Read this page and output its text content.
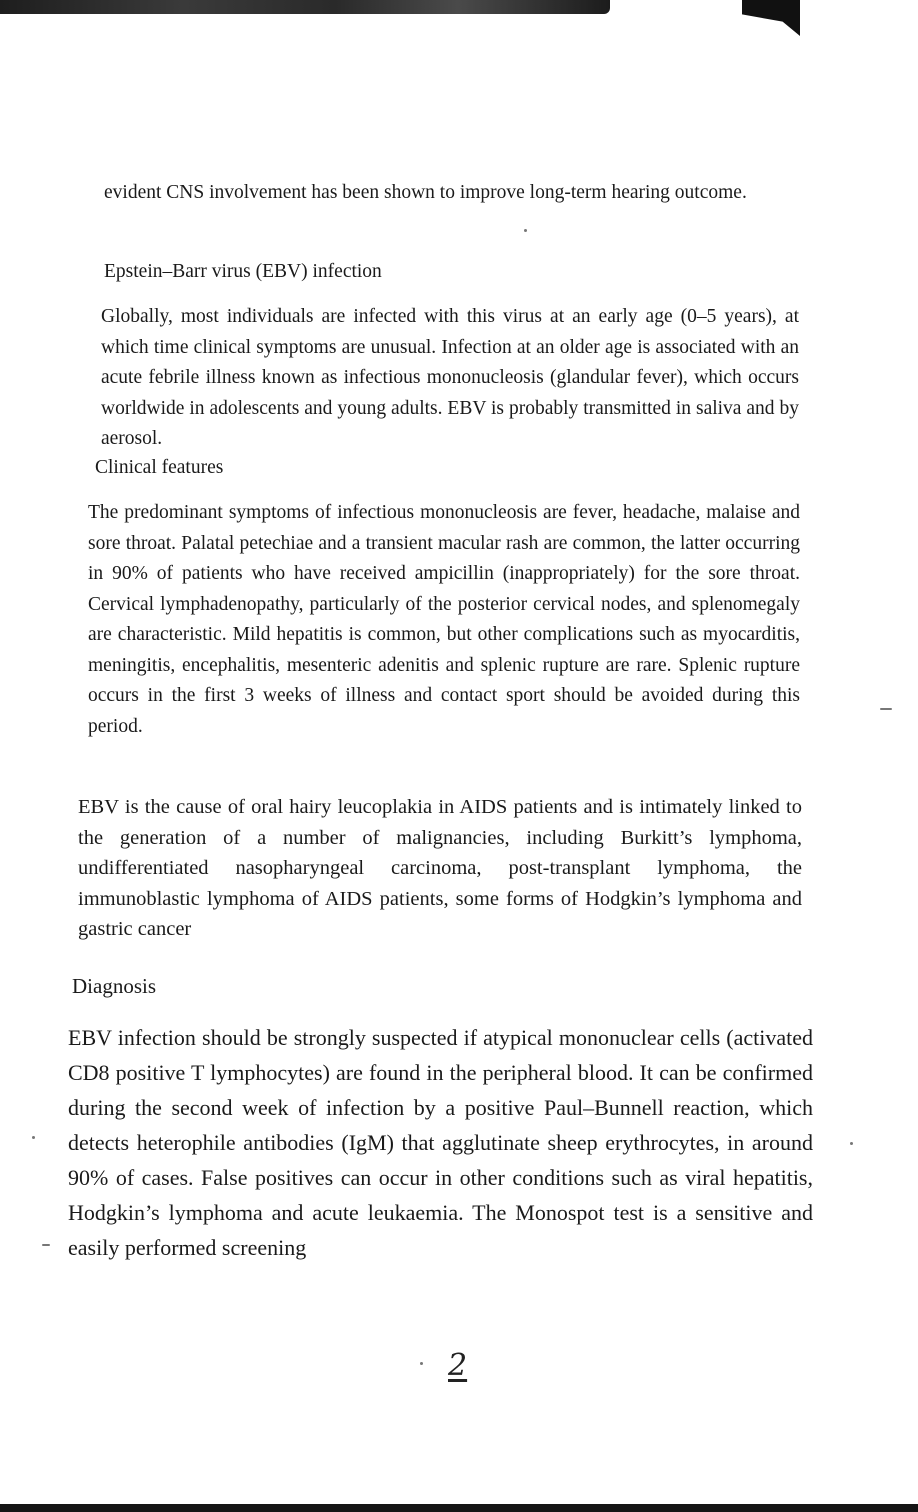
evident CNS involvement has been shown to improve long-term hearing outcome.

Epstein–Barr virus (EBV) infection

Globally, most individuals are infected with this virus at an early age (0–5 years), at which time clinical symptoms are unusual. Infection at an older age is associated with an acute febrile illness known as infectious mononucleosis (glandular fever), which occurs worldwide in adolescents and young adults. EBV is probably transmitted in saliva and by aerosol.

Clinical features

The predominant symptoms of infectious mononucleosis are fever, headache, malaise and sore throat. Palatal petechiae and a transient macular rash are common, the latter occurring in 90% of patients who have received ampicillin (inappropriately) for the sore throat. Cervical lymphadenopathy, particularly of the posterior cervical nodes, and splenomegaly are characteristic. Mild hepatitis is common, but other complications such as myocarditis, meningitis, encephalitis, mesenteric adenitis and splenic rupture are rare. Splenic rupture occurs in the first 3 weeks of illness and contact sport should be avoided during this period.

EBV is the cause of oral hairy leucoplakia in AIDS patients and is intimately linked to the generation of a number of malignancies, including Burkitt’s lymphoma, undifferentiated nasopharyngeal carcinoma, post-transplant lymphoma, the immunoblastic lymphoma of AIDS patients, some forms of Hodgkin’s lymphoma and gastric cancer

Diagnosis

EBV infection should be strongly suspected if atypical mononuclear cells (activated CD8 positive T lymphocytes) are found in the peripheral blood. It can be confirmed during the second week of infection by a positive Paul–Bunnell reaction, which detects heterophile antibodies (IgM) that agglutinate sheep erythrocytes, in around 90% of cases. False positives can occur in other conditions such as viral hepatitis, Hodgkin’s lymphoma and acute leukaemia. The Monospot test is a sensitive and easily performed screening

2
